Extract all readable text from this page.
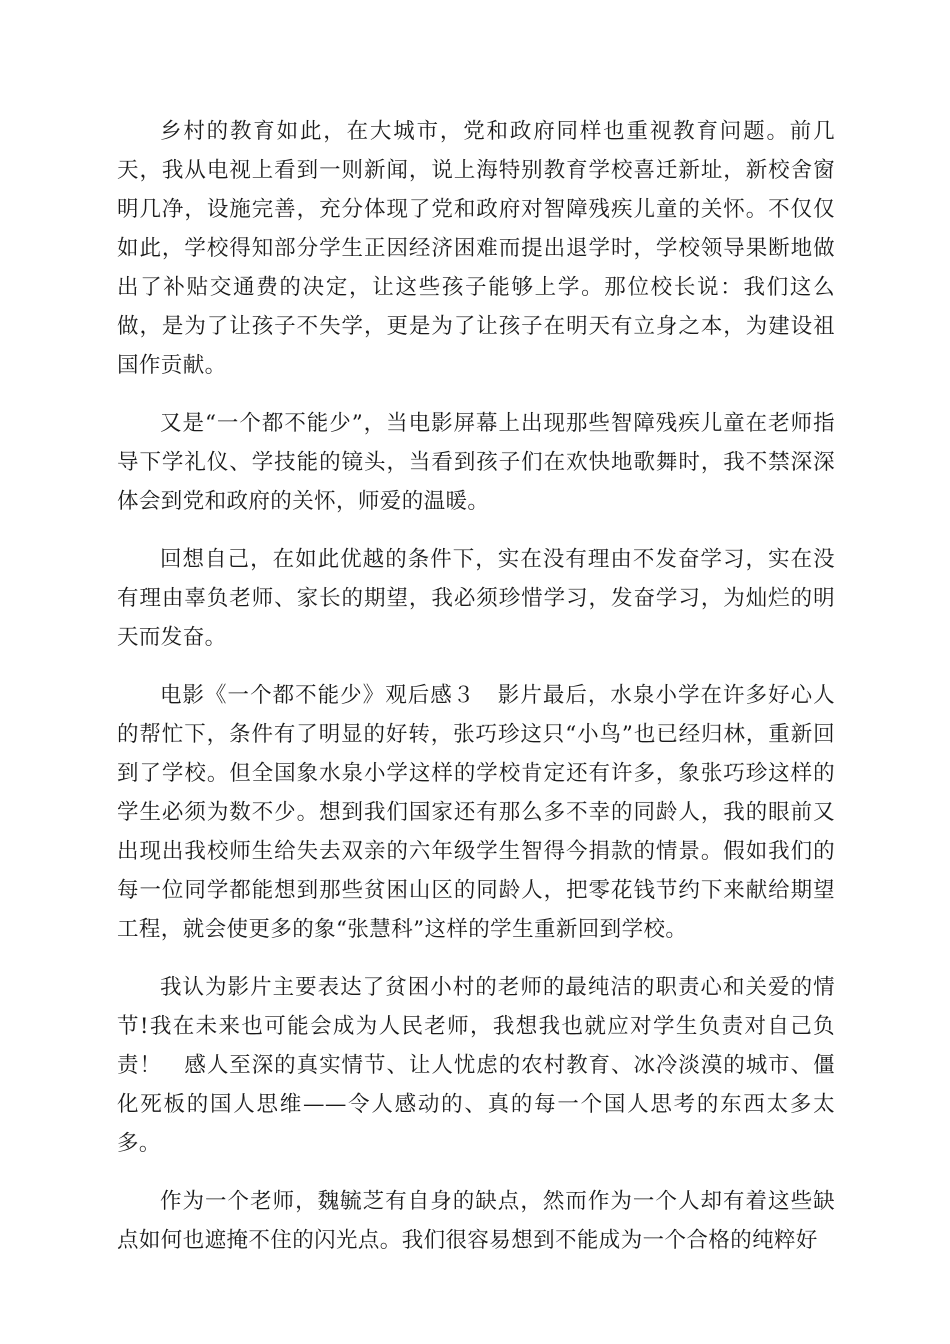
乡村的教育如此，在大城市，党和政府同样也重视教育问题。前几天，我从电视上看到一则新闻，说上海特别教育学校喜迁新址，新校舍窗明几净，设施完善，充分体现了党和政府对智障残疾儿童的关怀。不仅仅如此，学校得知部分学生正因经济困难而提出退学时，学校领导果断地做出了补贴交通费的决定，让这些孩子能够上学。那位校长说：我们这么做，是为了让孩子不失学，更是为了让孩子在明天有立身之本，为建设祖国作贡献。

又是“一个都不能少”，当电影屏幕上出现那些智障残疾儿童在老师指导下学礼仪、学技能的镜头，当看到孩子们在欢快地歌舞时，我不禁深深体会到党和政府的关怀，师爱的温暖。

回想自己，在如此优越的条件下，实在没有理由不发奋学习，实在没有理由辜负老师、家长的期望，我必须珍惜学习，发奋学习，为灿烂的明天而发奋。

电影《一个都不能少》观后感３　影片最后，水泉小学在许多好心人的帮忙下，条件有了明显的好转，张巧珍这只“小鸟”也已经归林，重新回到了学校。但全国象水泉小学这样的学校肯定还有许多，象张巧珍这样的学生必须为数不少。想到我们国家还有那么多不幸的同龄人，我的眼前又出现出我校师生给失去双亲的六年级学生智得今捐款的情景。假如我们的每一位同学都能想到那些贫困山区的同龄人，把零花钱节约下来献给期望工程，就会使更多的象“张慧科”这样的学生重新回到学校。

我认为影片主要表达了贫困小村的老师的最纯洁的职责心和关爱的情节!我在未来也可能会成为人民老师，我想我也就应对学生负责对自己负责！　感人至深的真实情节、让人忧虑的农村教育、冰冷淡漠的城市、僵化死板的国人思维——令人感动的、真的每一个国人思考的东西太多太多。

作为一个老师，魏毓芝有自身的缺点，然而作为一个人却有着这些缺点如何也遮掩不住的闪光点。我们很容易想到不能成为一个合格的纯粹好
